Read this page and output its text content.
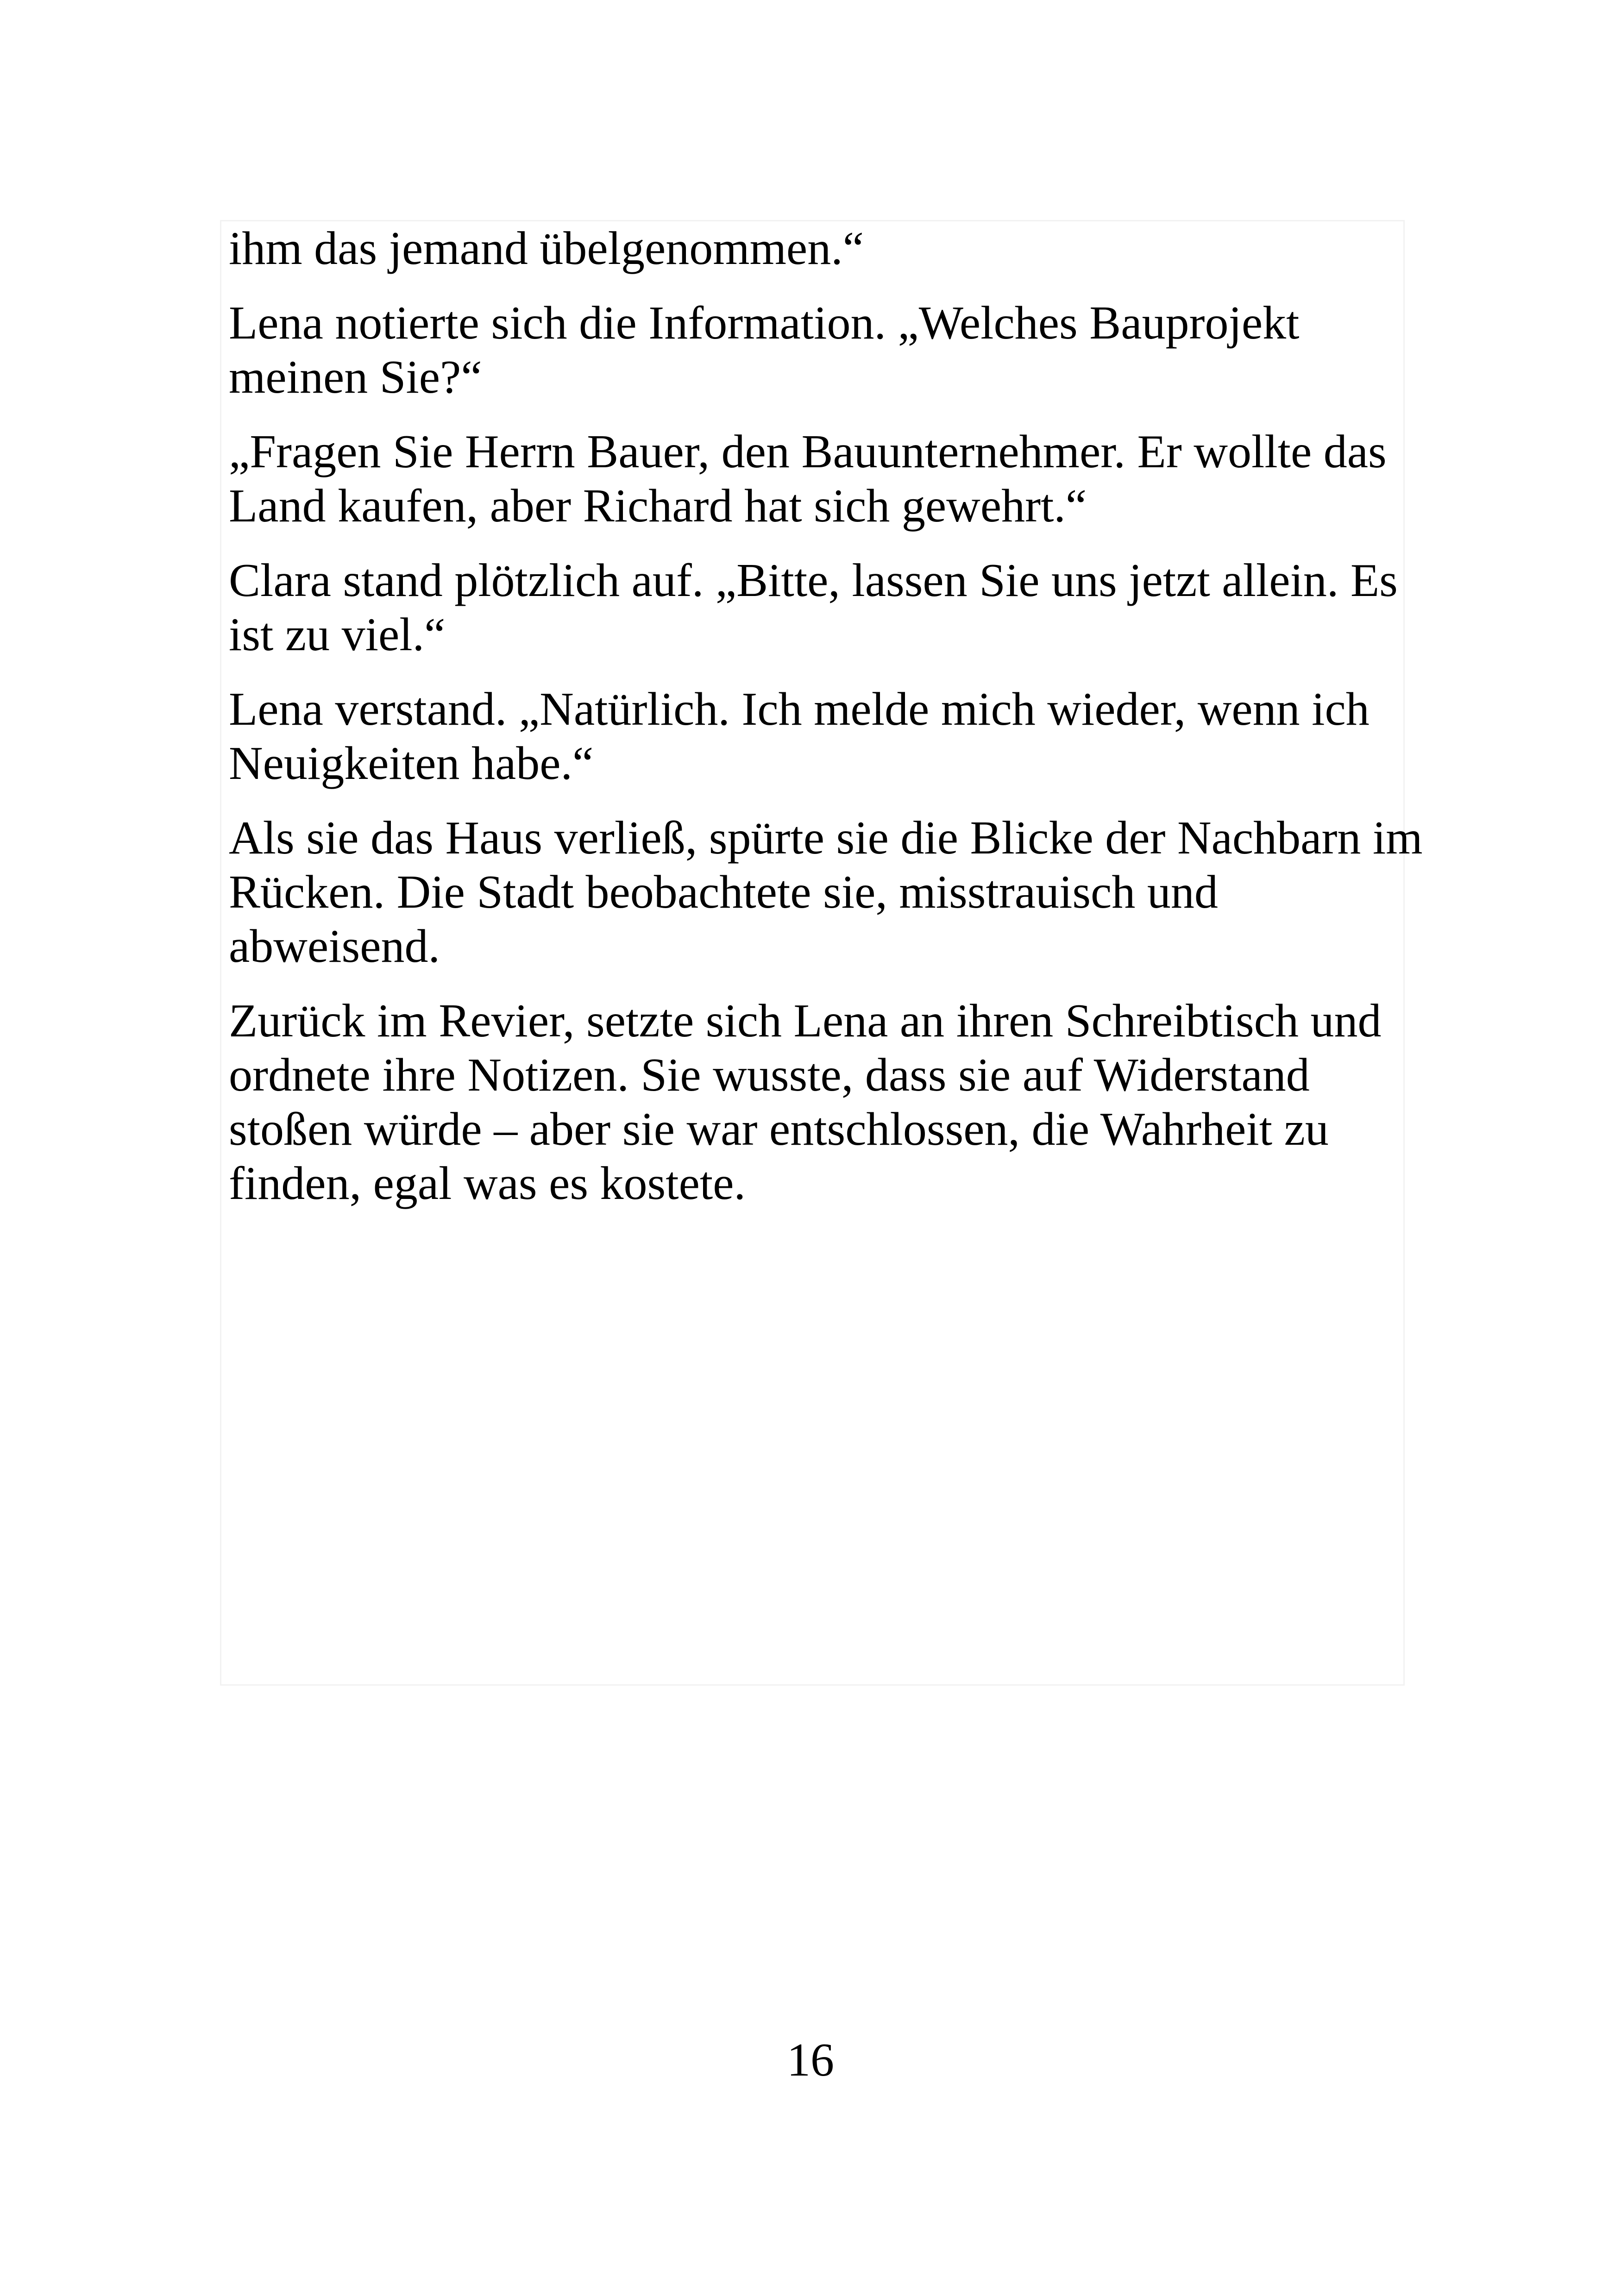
ihm das jemand übelgenommen.“

Lena notierte sich die Information. „Welches Bauprojekt
meinen Sie?“

„Fragen Sie Herrn Bauer, den Bauunternehmer. Er wollte das
Land kaufen, aber Richard hat sich gewehrt.“

Clara stand plötzlich auf. „Bitte, lassen Sie uns jetzt allein. Es
ist zu viel.“

Lena verstand. „Natürlich. Ich melde mich wieder, wenn ich
Neuigkeiten habe.“

Als sie das Haus verließ, spürte sie die Blicke der Nachbarn im
Rücken. Die Stadt beobachtete sie, misstrauisch und
abweisend.

Zurück im Revier, setzte sich Lena an ihren Schreibtisch und
ordnete ihre Notizen. Sie wusste, dass sie auf Widerstand
stoßen würde – aber sie war entschlossen, die Wahrheit zu
finden, egal was es kostete.

16
